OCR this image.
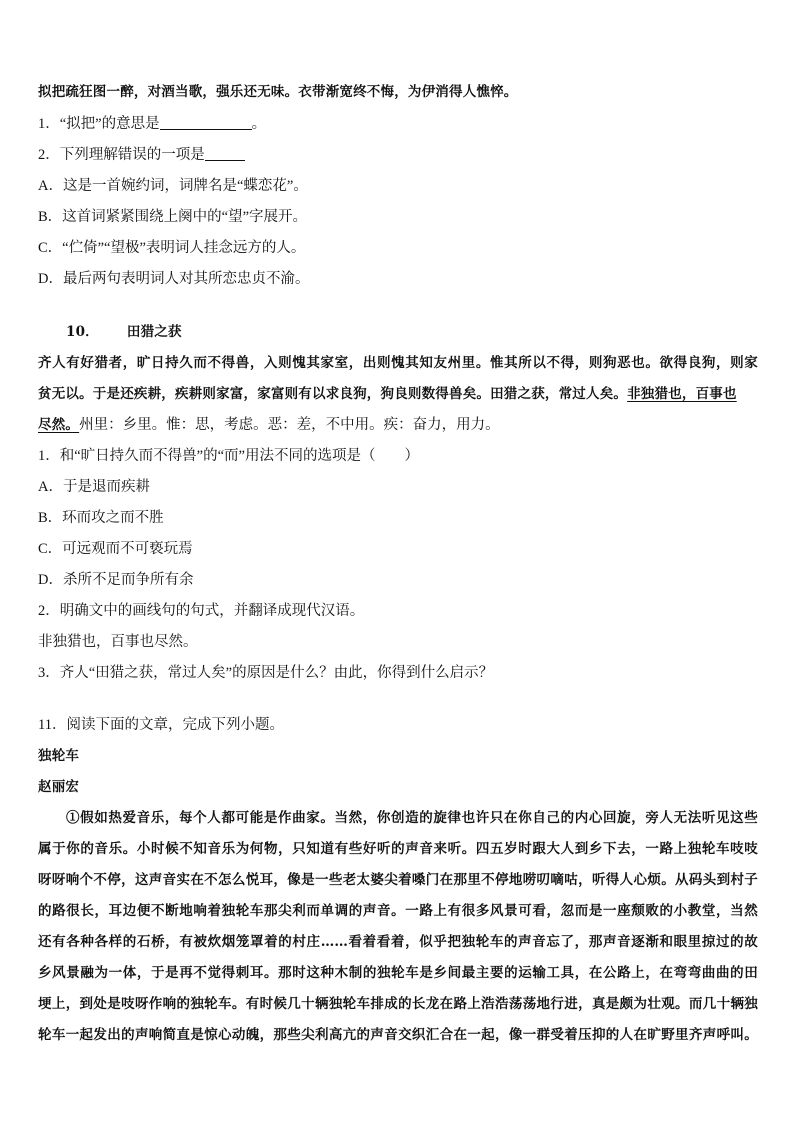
拟把疏狂图一醉，对酒当歌，强乐还无味。衣带渐宽终不悔，为伊消得人憔悴。
1．“拟把”的意思是	。
2．下列理解错误的一项是
A．这是一首婉约词，词牌名是“蝶恋花”。
B．这首词紧紧围绕上阕中的“望”字展开。
C．“伫倚”“望极”表明词人挂念远方的人。
D．最后两句表明词人对其所恋忠贞不渝。
10． 田猎之获
齐人有好猎者，旷日持久而不得兽，入则愧其家室，出则愧其知友州里。惟其所以不得，则狗恶也。欲得良狗，则家
贫无以。于是还疾耕，疾耕则家富，家富则有以求良狗，狗良则数得兽矣。田猎之获，常过人矣。非独猎也，百事也
尽然。州里：乡里。惟：思，考虑。恶：差，不中用。疾：奋力，用力。
1．和“旷日持久而不得兽”的“而”用法不同的选项是（　　）
A．于是退而疾耕
B．环而攻之而不胜
C．可远观而不可亵玩焉
D．杀所不足而争所有余
2．明确文中的画线句的句式，并翻译成现代汉语。
非独猎也，百事也尽然。
3．齐人“田猎之获，常过人矣”的原因是什么？由此，你得到什么启示？
11．阅读下面的文章，完成下列小题。
独轮车
赵丽宏
①假如热爱音乐，每个人都可能是作曲家。当然，你创造的旋律也许只在你自己的内心回旋，旁人无法听见这些
属于你的音乐。小时候不知音乐为何物，只知道有些好听的声音来听。四五岁时跟大人到乡下去，一路上独轮车吱吱
呀呀响个不停，这声音实在不怎么悦耳，像是一些老太婆尖着嗓门在那里不停地唠叨嘀咕，听得人心烦。从码头到村子
的路很长，耳边便不断地响着独轮车那尖利而单调的声音。一路上有很多风景可看，忽而是一座颓败的小教堂，当然
还有各种各样的石桥，有被炊烟笼罩着的村庄……看着看着，似乎把独轮车的声音忘了，那声音逐渐和眼里掠过的故
乡风景融为一体，于是再不觉得刺耳。那时这种木制的独轮车是乡间最主要的运输工具，在公路上，在弯弯曲曲的田
埂上，到处是吱呀作响的独轮车。有时候几十辆独轮车排成的长龙在路上浩浩荡荡地行进，真是颇为壮观。而几十辆独
轮车一起发出的声响简直是惊心动魄，那些尖利高亢的声音交织汇合在一起，像一群受着压抑的人在旷野里齐声呼叫。
